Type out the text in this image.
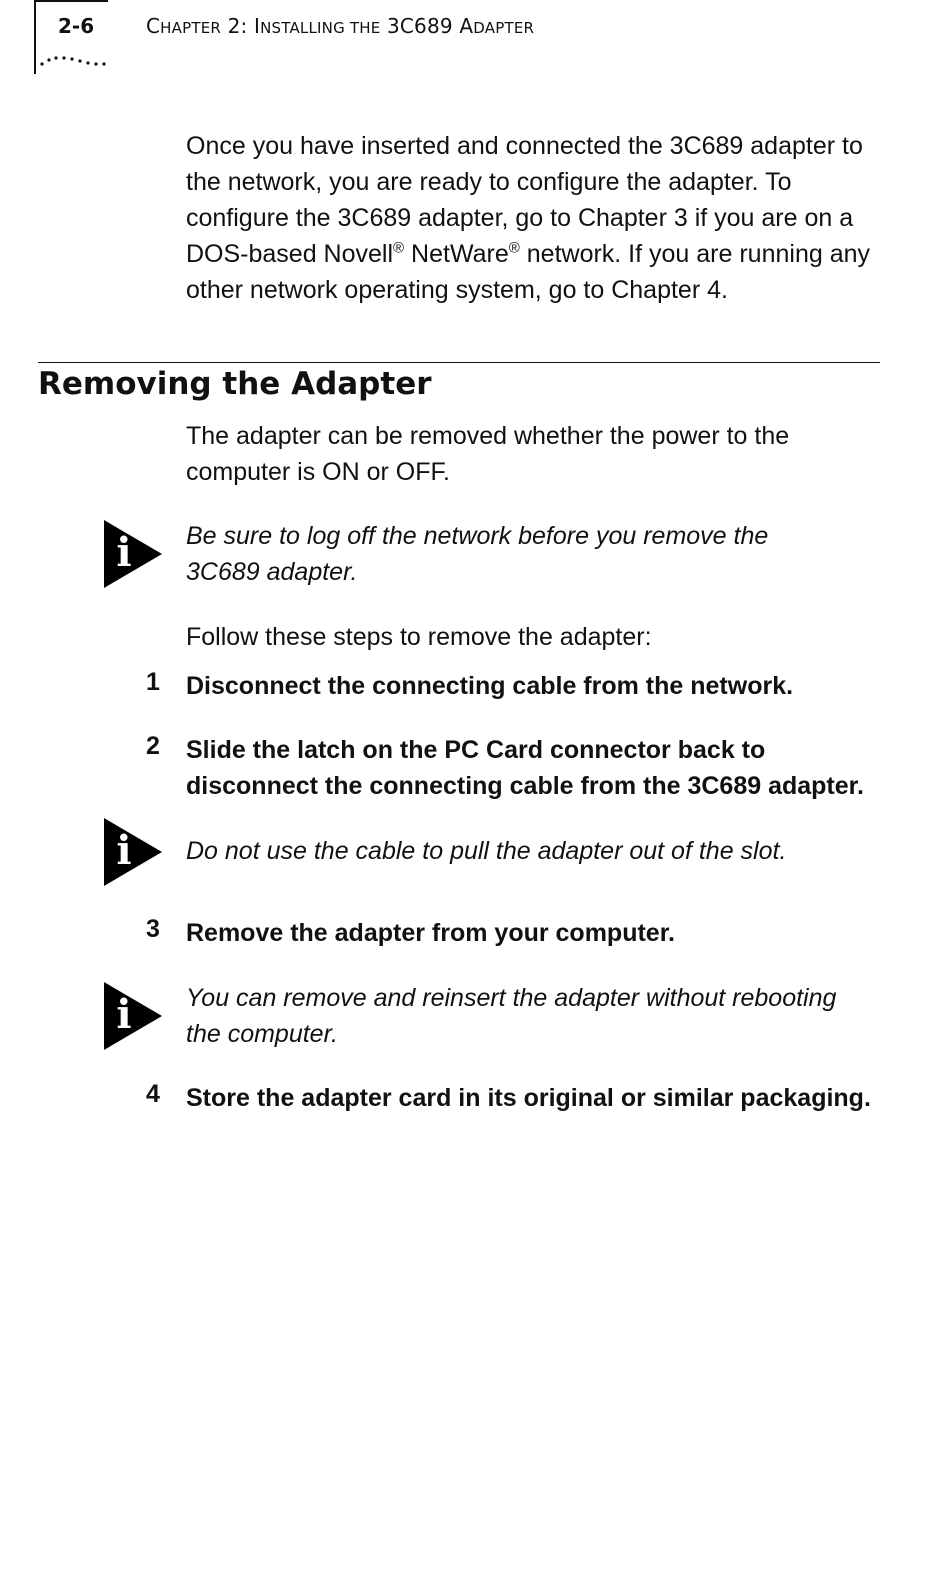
2-6	CHAPTER 2: INSTALLING THE 3C689 ADAPTER
Once you have inserted and connected the 3C689 adapter to the network, you are ready to configure the adapter. To configure the 3C689 adapter, go to Chapter 3 if you are on a DOS-based Novell® NetWare® network. If you are running any other network operating system, go to Chapter 4.
Removing the Adapter
The adapter can be removed whether the power to the computer is ON or OFF.
i Be sure to log off the network before you remove the 3C689 adapter.
Follow these steps to remove the adapter:
1 Disconnect the connecting cable from the network.
2 Slide the latch on the PC Card connector back to disconnect the connecting cable from the 3C689 adapter.
i Do not use the cable to pull the adapter out of the slot.
3 Remove the adapter from your computer.
i You can remove and reinsert the adapter without rebooting the computer.
4 Store the adapter card in its original or similar packaging.
